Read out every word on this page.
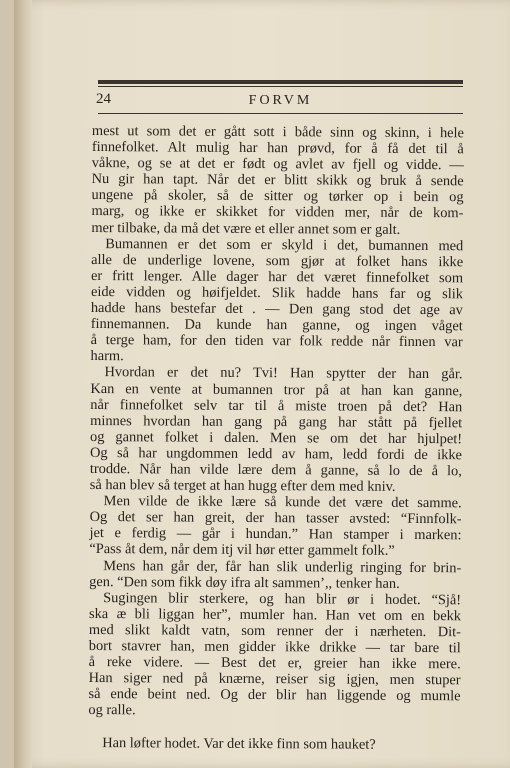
24	FORVM
mest ut som det er gått sott i både sinn og skinn, i hele
finnefolket. Alt mulig har han prøvd, for å få det til å
våkne, og se at det er født og avlet av fjell og vidde. —
Nu gir han tapt. Når det er blitt skikk og bruk å sende
ungene på skoler, så de sitter og tørker op i bein og
marg, og ikke er skikket for vidden mer, når de kom-
mer tilbake, da må det være et eller annet som er galt.
Bumannen er det som er skyld i det, bumannen med
alle de underlige lovene, som gjør at folket hans ikke
er fritt lenger. Alle dager har det været finnefolket som
eide vidden og høifjeldet. Slik hadde hans far og slik
hadde hans bestefar det . — Den gang stod det age av
finnemannen. Da kunde han ganne, og ingen våget
å terge ham, for den tiden var folk redde når finnen var
harm.
Hvordan er det nu? Tvi! Han spytter der han går.
Kan en vente at bumannen tror på at han kan ganne,
når finnefolket selv tar til å miste troen på det? Han
minnes hvordan han gang på gang har stått på fjellet
og gannet folket i dalen. Men se om det har hjulpet!
Og så har ungdommen ledd av ham, ledd fordi de ikke
trodde. Når han vilde lære dem å ganne, så lo de å lo,
så han blev så terget at han hugg efter dem med kniv.
Men vilde de ikke lære så kunde det være det samme.
Og det ser han greit, der han tasser avsted: “Finnfolk-
jet e ferdig — går i hundan.” Han stamper i marken:
“Pass åt dem, når dem itj vil hør etter gammelt folk.”
Mens han går der, får han slik underlig ringing for brin-
gen. “Den som fikk døy ifra alt sammen’,, tenker han.
Sugingen blir sterkere, og han blir ør i hodet. “Sjå!
ska æ bli liggan her”, mumler han. Han vet om en bekk
med slikt kaldt vatn, som renner der i nærheten. Dit-
bort stavrer han, men gidder ikke drikke — tar bare til
å reke videre. — Best det er, greier han ikke mere.
Han siger ned på knærne, reiser sig igjen, men stuper
så ende beint ned. Og der blir han liggende og mumle
og ralle.
Han løfter hodet. Var det ikke finn som hauket?
